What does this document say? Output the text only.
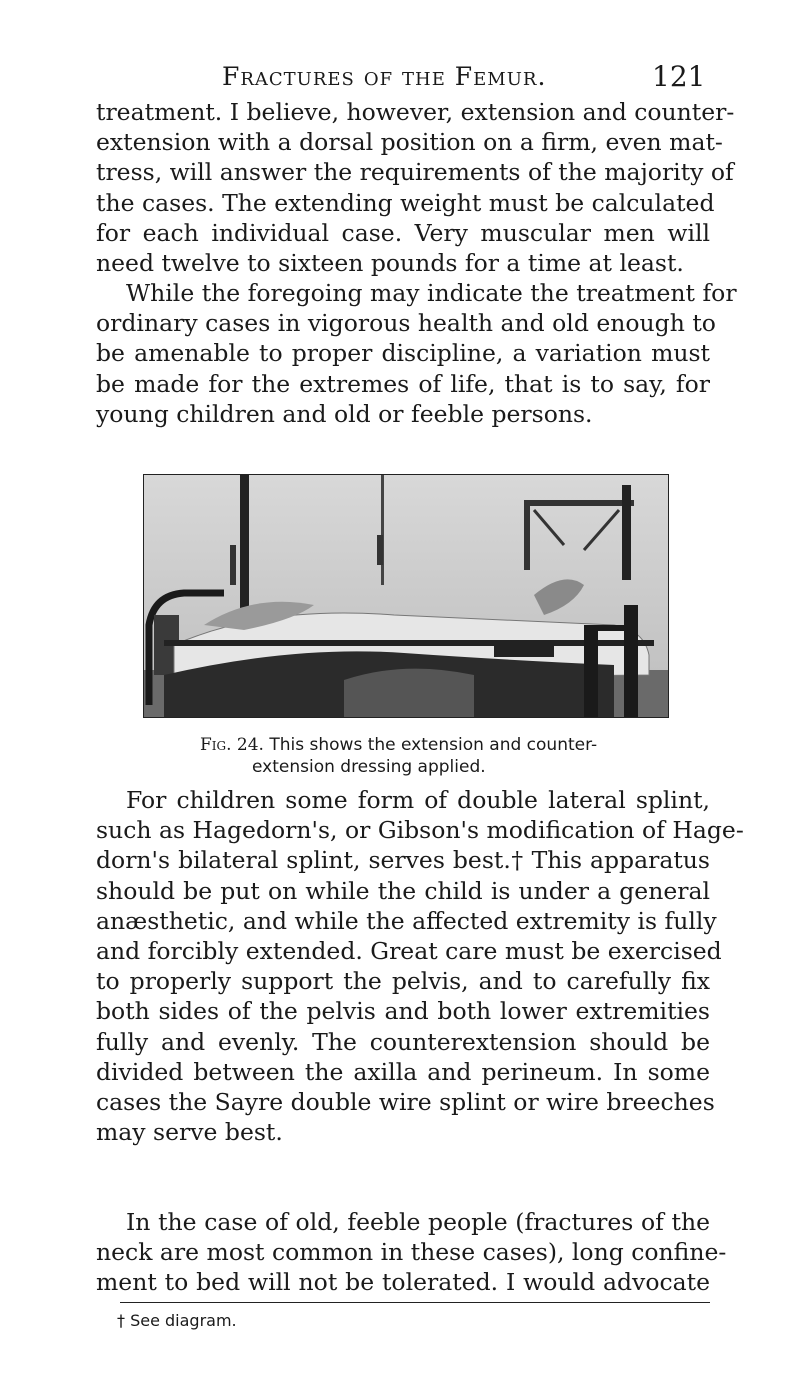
Fractures of the Femur.	121

treatment. I believe, however, extension and counter-
extension with a dorsal position on a firm, even mat-
tress, will answer the requirements of the majority of
the cases. The extending weight must be calculated
for each individual case. Very muscular men will
need twelve to sixteen pounds for a time at least.

While the foregoing may indicate the treatment for
ordinary cases in vigorous health and old enough to
be amenable to proper discipline, a variation must
be made for the extremes of life, that is to say, for
young children and old or feeble persons.

Fig. 24. This shows the extension and counter-
extension dressing applied.

For children some form of double lateral splint,
such as Hagedorn's, or Gibson's modification of Hage-
dorn's bilateral splint, serves best.† This apparatus
should be put on while the child is under a general
anæsthetic, and while the affected extremity is fully
and forcibly extended. Great care must be exercised
to properly support the pelvis, and to carefully fix
both sides of the pelvis and both lower extremities
fully and evenly. The counterextension should be
divided between the axilla and perineum. In some
cases the Sayre double wire splint or wire breeches
may serve best.

In the case of old, feeble people (fractures of the
neck are most common in these cases), long confine-
ment to bed will not be tolerated. I would advocate

† See diagram.
